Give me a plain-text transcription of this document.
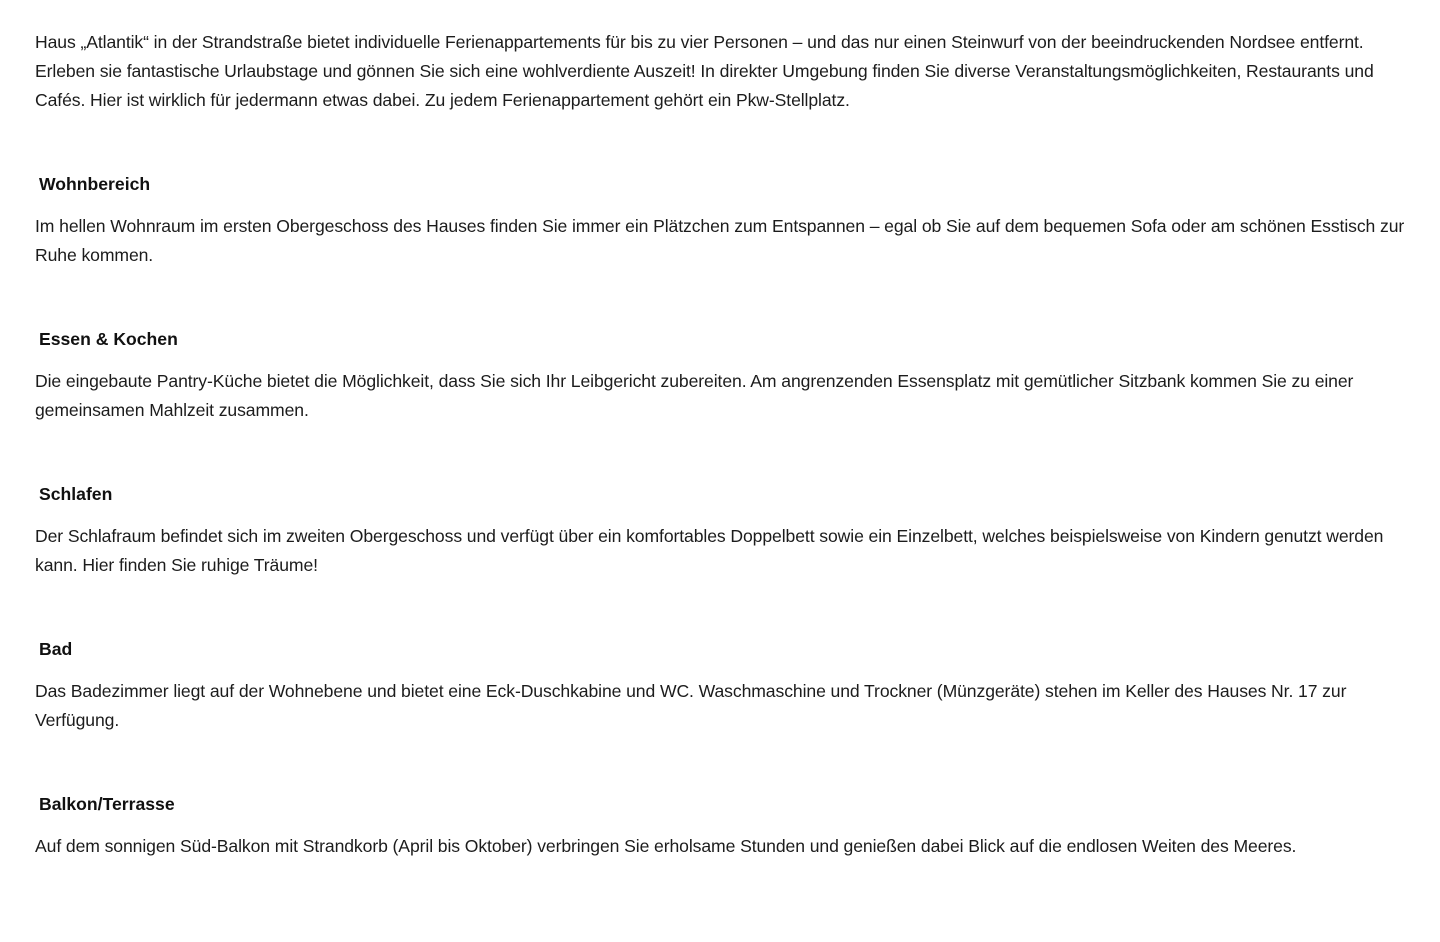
Haus „Atlantik“ in der Strandstraße bietet individuelle Ferienappartements für bis zu vier Personen – und das nur einen Steinwurf von der beeindruckenden Nordsee entfernt. Erleben sie fantastische Urlaubstage und gönnen Sie sich eine wohlverdiente Auszeit! In direkter Umgebung finden Sie diverse Veranstaltungsmöglichkeiten, Restaurants und Cafés. Hier ist wirklich für jedermann etwas dabei. Zu jedem Ferienappartement gehört ein Pkw-Stellplatz.

Wohnbereich

Im hellen Wohnraum im ersten Obergeschoss des Hauses finden Sie immer ein Plätzchen zum Entspannen – egal ob Sie auf dem bequemen Sofa oder am schönen Esstisch zur Ruhe kommen.

Essen & Kochen

Die eingebaute Pantry-Küche bietet die Möglichkeit, dass Sie sich Ihr Leibgericht zubereiten. Am angrenzenden Essensplatz mit gemütlicher Sitzbank kommen Sie zu einer gemeinsamen Mahlzeit zusammen.

Schlafen

Der Schlafraum befindet sich im zweiten Obergeschoss und verfügt über ein komfortables Doppelbett sowie ein Einzelbett, welches beispielsweise von Kindern genutzt werden kann. Hier finden Sie ruhige Träume!

Bad

Das Badezimmer liegt auf der Wohnebene und bietet eine Eck-Duschkabine und WC. Waschmaschine und Trockner (Münzgeräte) stehen im Keller des Hauses Nr. 17 zur Verfügung.

Balkon/Terrasse

Auf dem sonnigen Süd-Balkon mit Strandkorb (April bis Oktober) verbringen Sie erholsame Stunden und genießen dabei Blick auf die endlosen Weiten des Meeres.
